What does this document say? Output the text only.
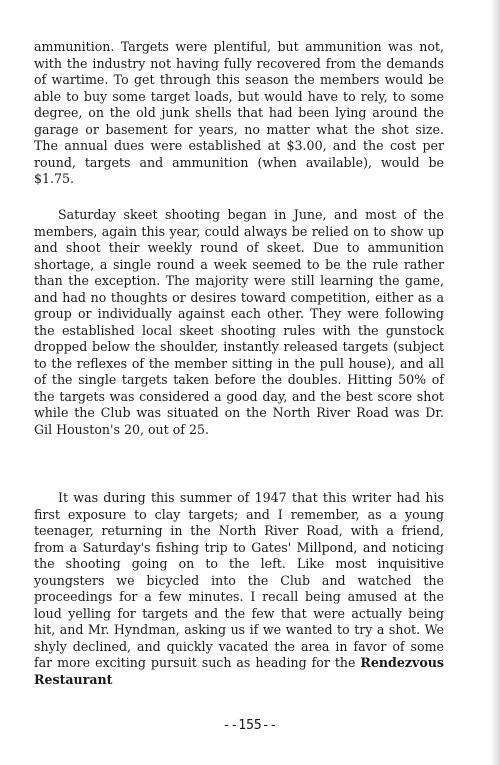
ammunition. Targets were plentiful, but ammunition was not, with the industry not having fully recovered from the demands of wartime. To get through this season the members would be able to buy some target loads, but would have to rely, to some degree, on the old junk shells that had been lying around the garage or basement for years, no matter what the shot size. The annual dues were established at $3.00, and the cost per round, targets and ammunition (when available), would be $1.75.

Saturday skeet shooting began in June, and most of the members, again this year, could always be relied on to show up and shoot their weekly round of skeet. Due to ammunition shortage, a single round a week seemed to be the rule rather than the exception. The majority were still learning the game, and had no thoughts or desires toward competition, either as a group or individually against each other. They were following the established local skeet shooting rules with the gunstock dropped below the shoulder, instantly released targets (subject to the reflexes of the member sitting in the pull house), and all of the single targets taken before the doubles. Hitting 50% of the targets was considered a good day, and the best score shot while the Club was situated on the North River Road was Dr. Gil Houston's 20, out of 25.

It was during this summer of 1947 that this writer had his first exposure to clay targets; and I remember, as a young teenager, returning in the North River Road, with a friend, from a Saturday's fishing trip to Gates' Millpond, and noticing the shooting going on to the left. Like most inquisitive youngsters we bicycled into the Club and watched the proceedings for a few minutes. I recall being amused at the loud yelling for targets and the few that were actually being hit, and Mr. Hyndman, asking us if we wanted to try a shot. We shyly declined, and quickly vacated the area in favor of some far more exciting pursuit such as heading for the Rendezvous Restaurant

--155--
